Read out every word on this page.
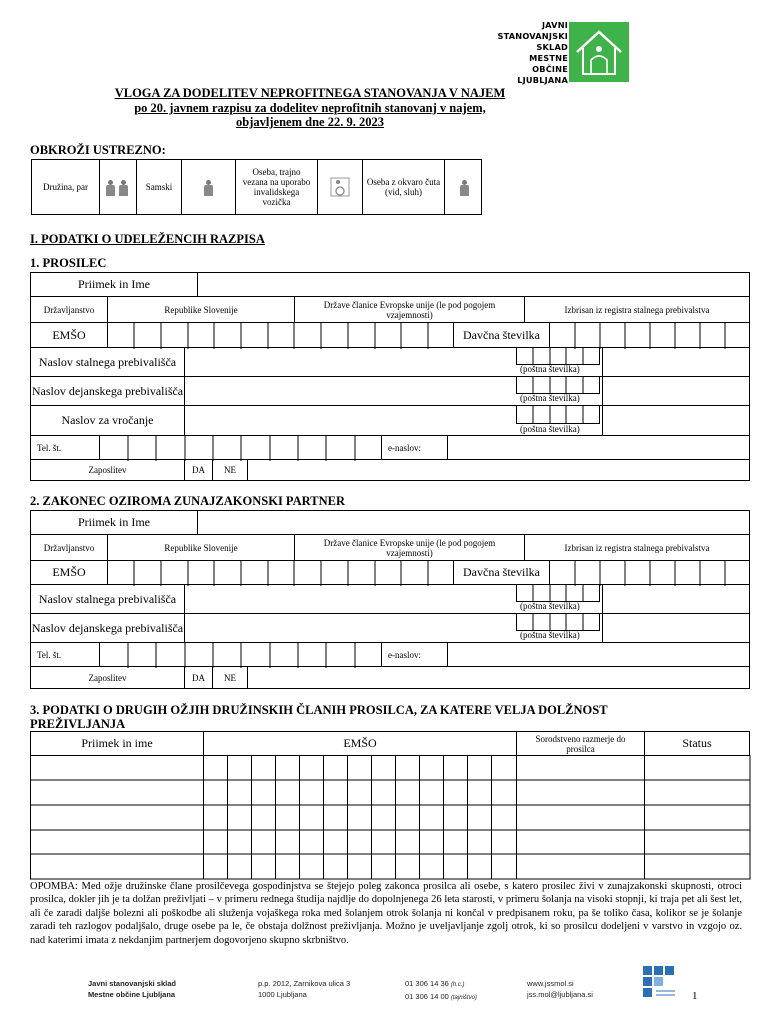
JAVNI
STANOVANJSKI
SKLAD
MESTNE
OBČINE
LJUBLJANA
VLOGA ZA DODELITEV NEPROFITNEGA STANOVANJA V NAJEM
po 20. javnem razpisu za dodelitev neprofitnih stanovanj v najem,
objavljenem dne 22. 9. 2023
OBKROŽI USTREZNO:
Družina, par	Samski
Oseba, trajno vezana na uporabo invalidskega vozička
Oseba z okvaro čuta (vid, sluh)
I. PODATKI O UDELEŽENCIH RAZPISA
1. PROSILEC
Priimek in Ime
Državljanstvo	Republike Slovenije	Države članice Evropske unije (le pod pogojem vzajemnosti)	Izbrisan iz registra stalnega prebivalstva
EMŠO	Davčna številka
Naslov stalnega prebivališča
(poštna številka)
Naslov dejanskega prebivališča
(poštna številka)
Naslov za vročanje
(poštna številka)
Tel. št.	e-naslov:
Zaposlitev	DA	NE
2. ZAKONEC OZIROMA ZUNAJZAKONSKI PARTNER
Priimek in Ime
Državljanstvo	Republike Slovenije	Države članice Evropske unije (le pod pogojem vzajemnosti)	Izbrisan iz registra stalnega prebivalstva
EMŠO	Davčna številka
Naslov stalnega prebivališča
(poštna številka)
Naslov dejanskega prebivališča
(poštna številka)
Tel. št.	e-naslov:
Zaposlitev	DA	NE
3. PODATKI O DRUGIH OŽJIH DRUŽINSKIH ČLANIH PROSILCA, ZA KATERE VELJA DOLŽNOST PREŽIVLJANJA
Priimek in ime	EMŠO	Sorodstveno razmerje do prosilca	Status
OPOMBA: Med ožje družinske člane prosilčevega gospodinjstva se štejejo poleg zakonca prosilca ali osebe, s katero prosilec živi v zunajzakonski skupnosti, otroci prosilca, dokler jih je ta dolžan preživljati – v primeru rednega študija najdlje do dopolnjenega 26 leta starosti, v primeru šolanja na visoki stopnji, ki traja pet ali šest let, ali če zaradi daljše bolezni ali poškodbe ali služenja vojaškega roka med šolanjem otrok šolanja ni končal v predpisanem roku, pa še toliko časa, kolikor se je šolanje zaradi teh razlogov podaljšalo, druge osebe pa le, če obstaja dolžnost preživljanja. Možno je uveljavljanje zgolj otrok, ki so prosilcu dodeljeni v varstvo in vzgojo oz. nad katerimi imata z nekdanjim partnerjem dogovorjeno skupno skrbništvo.
Javni stanovanjski sklad
Mestne občine Ljubljana
p.p. 2012, Zarnikova ulica 3
1000 Ljubljana
01 306 14 36 (h.c.)
01 306 14 00 (tajništvo)
www.jssmol.si
jss.mol@ljubljana.si	1
